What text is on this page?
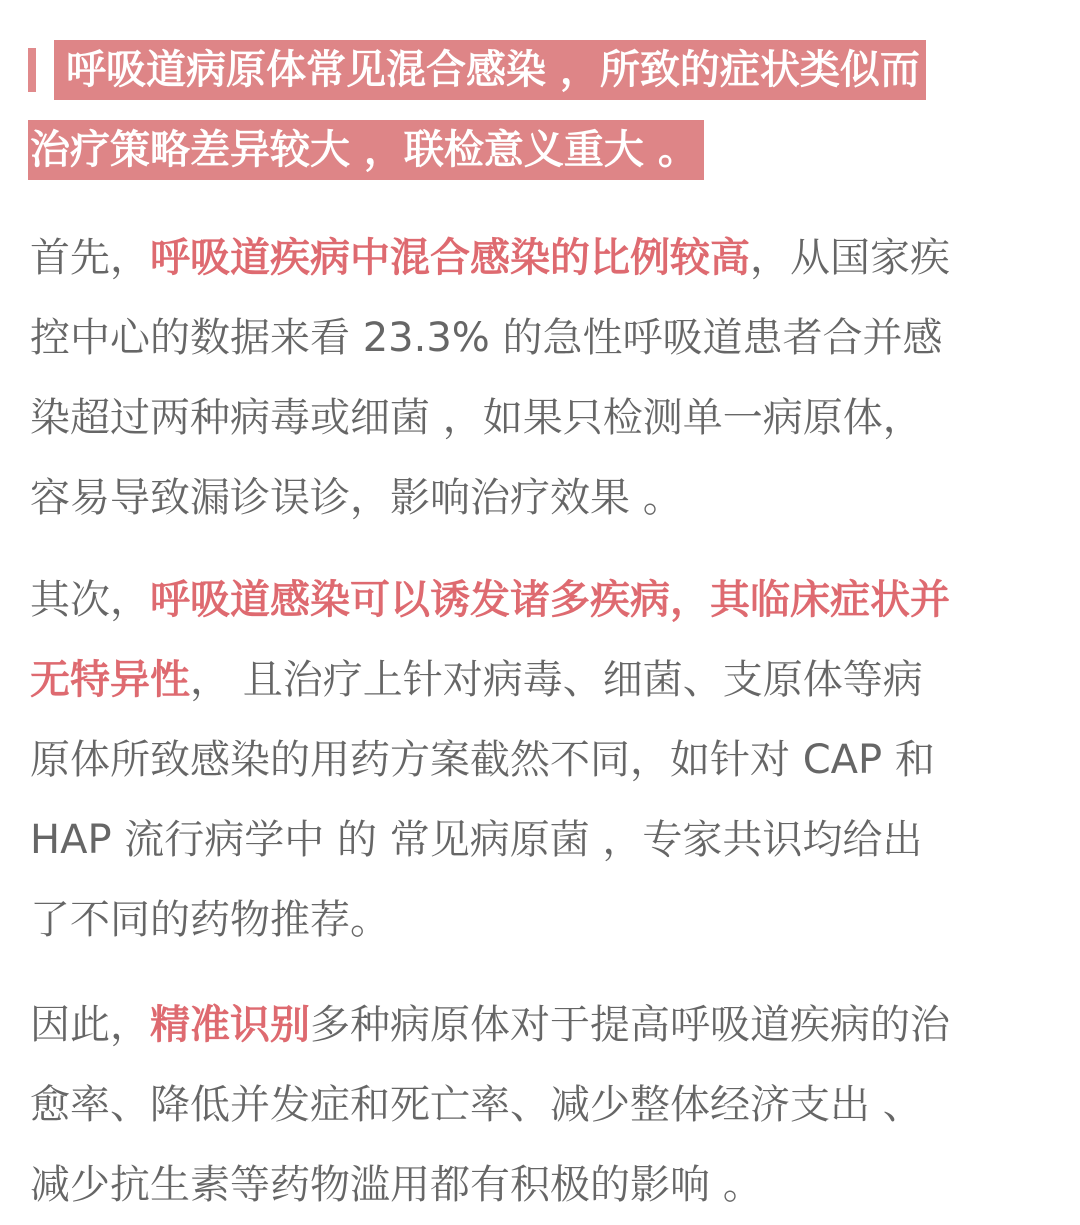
呼吸道病原体常见混合感染 ，所致的症状类似而
治疗策略差异较大 ，联检意义重大 。
首先，呼吸道疾病中混合感染的比例较高，从国家疾
控中心的数据来看 23.3% 的急性呼吸道患者合并感
染超过两种病毒或细菌 ，如果只检测单一病原体，
容易导致漏诊误诊，影响治疗效果 。
其次，呼吸道感染可以诱发诸多疾病，其临床症状并
无特异性， 且治疗上针对病毒、细菌、支原体等病
原体所致感染的用药方案截然不同，如针对 CAP 和
HAP 流行病学中 的 常见病原菌 ，专家共识均给出
了不同的药物推荐。
因此，精准识别多种病原体对于提高呼吸道疾病的治
愈率、降低并发症和死亡率、减少整体经济支出 、
减少抗生素等药物滥用都有积极的影响 。
